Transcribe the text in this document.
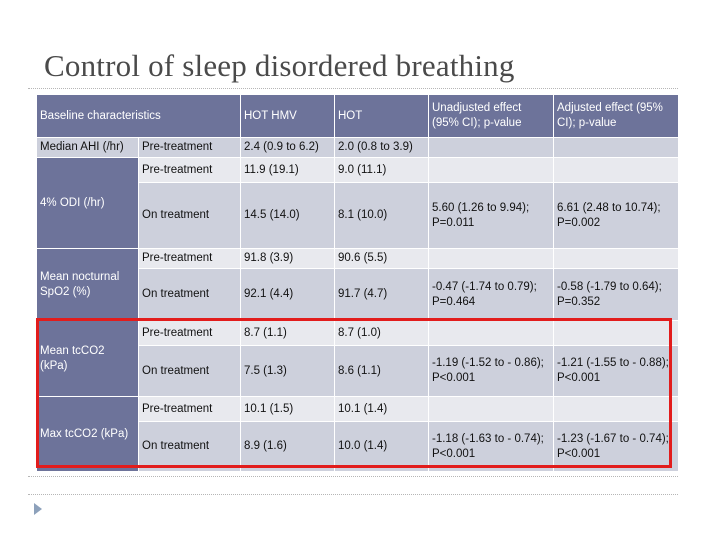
Control of sleep disordered breathing
Baseline characteristics		HOT HMV	HOT	Unadjusted effect (95% CI); p-value	Adjusted effect (95% CI); p-value
Median AHI (/hr)	Pre-treatment	2.4 (0.9 to 6.2)	2.0 (0.8 to 3.9)		
4% ODI (/hr)	Pre-treatment	11.9 (19.1)	9.0 (11.1)		
	On treatment	14.5 (14.0)	8.1 (10.0)	5.60 (1.26 to 9.94); P=0.011	6.61 (2.48 to 10.74); P=0.002
Mean nocturnal SpO2 (%)	Pre-treatment	91.8 (3.9)	90.6 (5.5)		
	On treatment	92.1 (4.4)	91.7 (4.7)	-0.47 (-1.74 to 0.79); P=0.464	-0.58 (-1.79 to 0.64); P=0.352
Mean tcCO2 (kPa)	Pre-treatment	8.7 (1.1)	8.7 (1.0)		
	On treatment	7.5 (1.3)	8.6 (1.1)	-1.19 (-1.52 to - 0.86); P<0.001	-1.21 (-1.55 to - 0.88); P<0.001
Max tcCO2 (kPa)	Pre-treatment	10.1 (1.5)	10.1 (1.4)		
	On treatment	8.9 (1.6)	10.0 (1.4)	-1.18 (-1.63 to - 0.74); P<0.001	-1.23 (-1.67 to - 0.74); P<0.001
